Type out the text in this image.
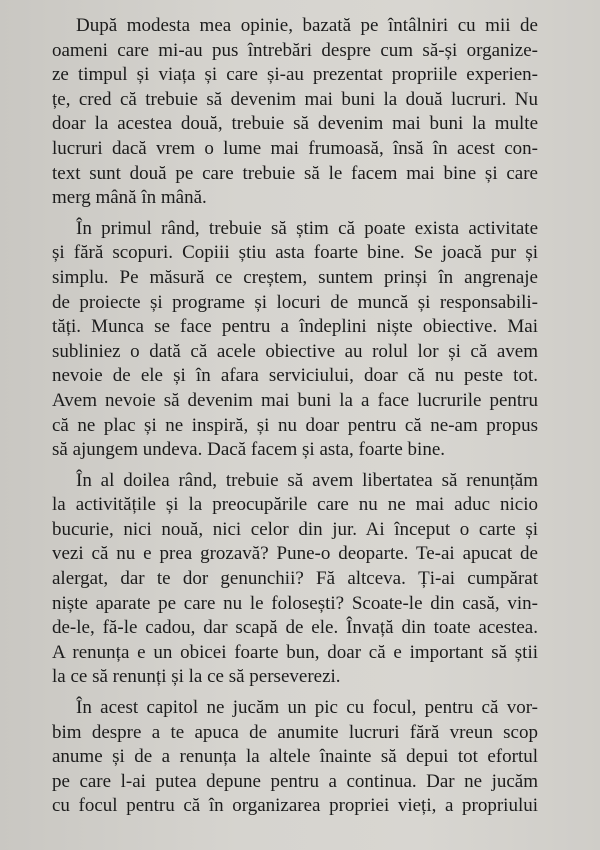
După modesta mea opinie, bazată pe întâlniri cu mii de
oameni care mi-au pus întrebări despre cum să-și organize-
ze timpul și viața și care și-au prezentat propriile experien-
țe, cred că trebuie să devenim mai buni la două lucruri. Nu
doar la acestea două, trebuie să devenim mai buni la multe
lucruri dacă vrem o lume mai frumoasă, însă în acest con-
text sunt două pe care trebuie să le facem mai bine și care
merg mână în mână.

În primul rând, trebuie să știm că poate exista activitate
și fără scopuri. Copiii știu asta foarte bine. Se joacă pur și
simplu. Pe măsură ce creștem, suntem prinși în angrenaje
de proiecte și programe și locuri de muncă și responsabili-
tăți. Munca se face pentru a îndeplini niște obiective. Mai
subliniez o dată că acele obiective au rolul lor și că avem
nevoie de ele și în afara serviciului, doar că nu peste tot.
Avem nevoie să devenim mai buni la a face lucrurile pentru
că ne plac și ne inspiră, și nu doar pentru că ne-am propus
să ajungem undeva. Dacă facem și asta, foarte bine.

În al doilea rând, trebuie să avem libertatea să renunțăm
la activitățile și la preocupările care nu ne mai aduc nicio
bucurie, nici nouă, nici celor din jur. Ai început o carte și
vezi că nu e prea grozavă? Pune-o deoparte. Te-ai apucat de
alergat, dar te dor genunchii? Fă altceva. Ți-ai cumpărat
niște aparate pe care nu le folosești? Scoate-le din casă, vin-
de-le, fă-le cadou, dar scapă de ele. Învață din toate acestea.
A renunța e un obicei foarte bun, doar că e important să știi
la ce să renunți și la ce să perseverezi.

În acest capitol ne jucăm un pic cu focul, pentru că vor-
bim despre a te apuca de anumite lucruri fără vreun scop
anume și de a renunța la altele înainte să depui tot efortul
pe care l-ai putea depune pentru a continua. Dar ne jucăm
cu focul pentru că în organizarea propriei vieți, a propriului
